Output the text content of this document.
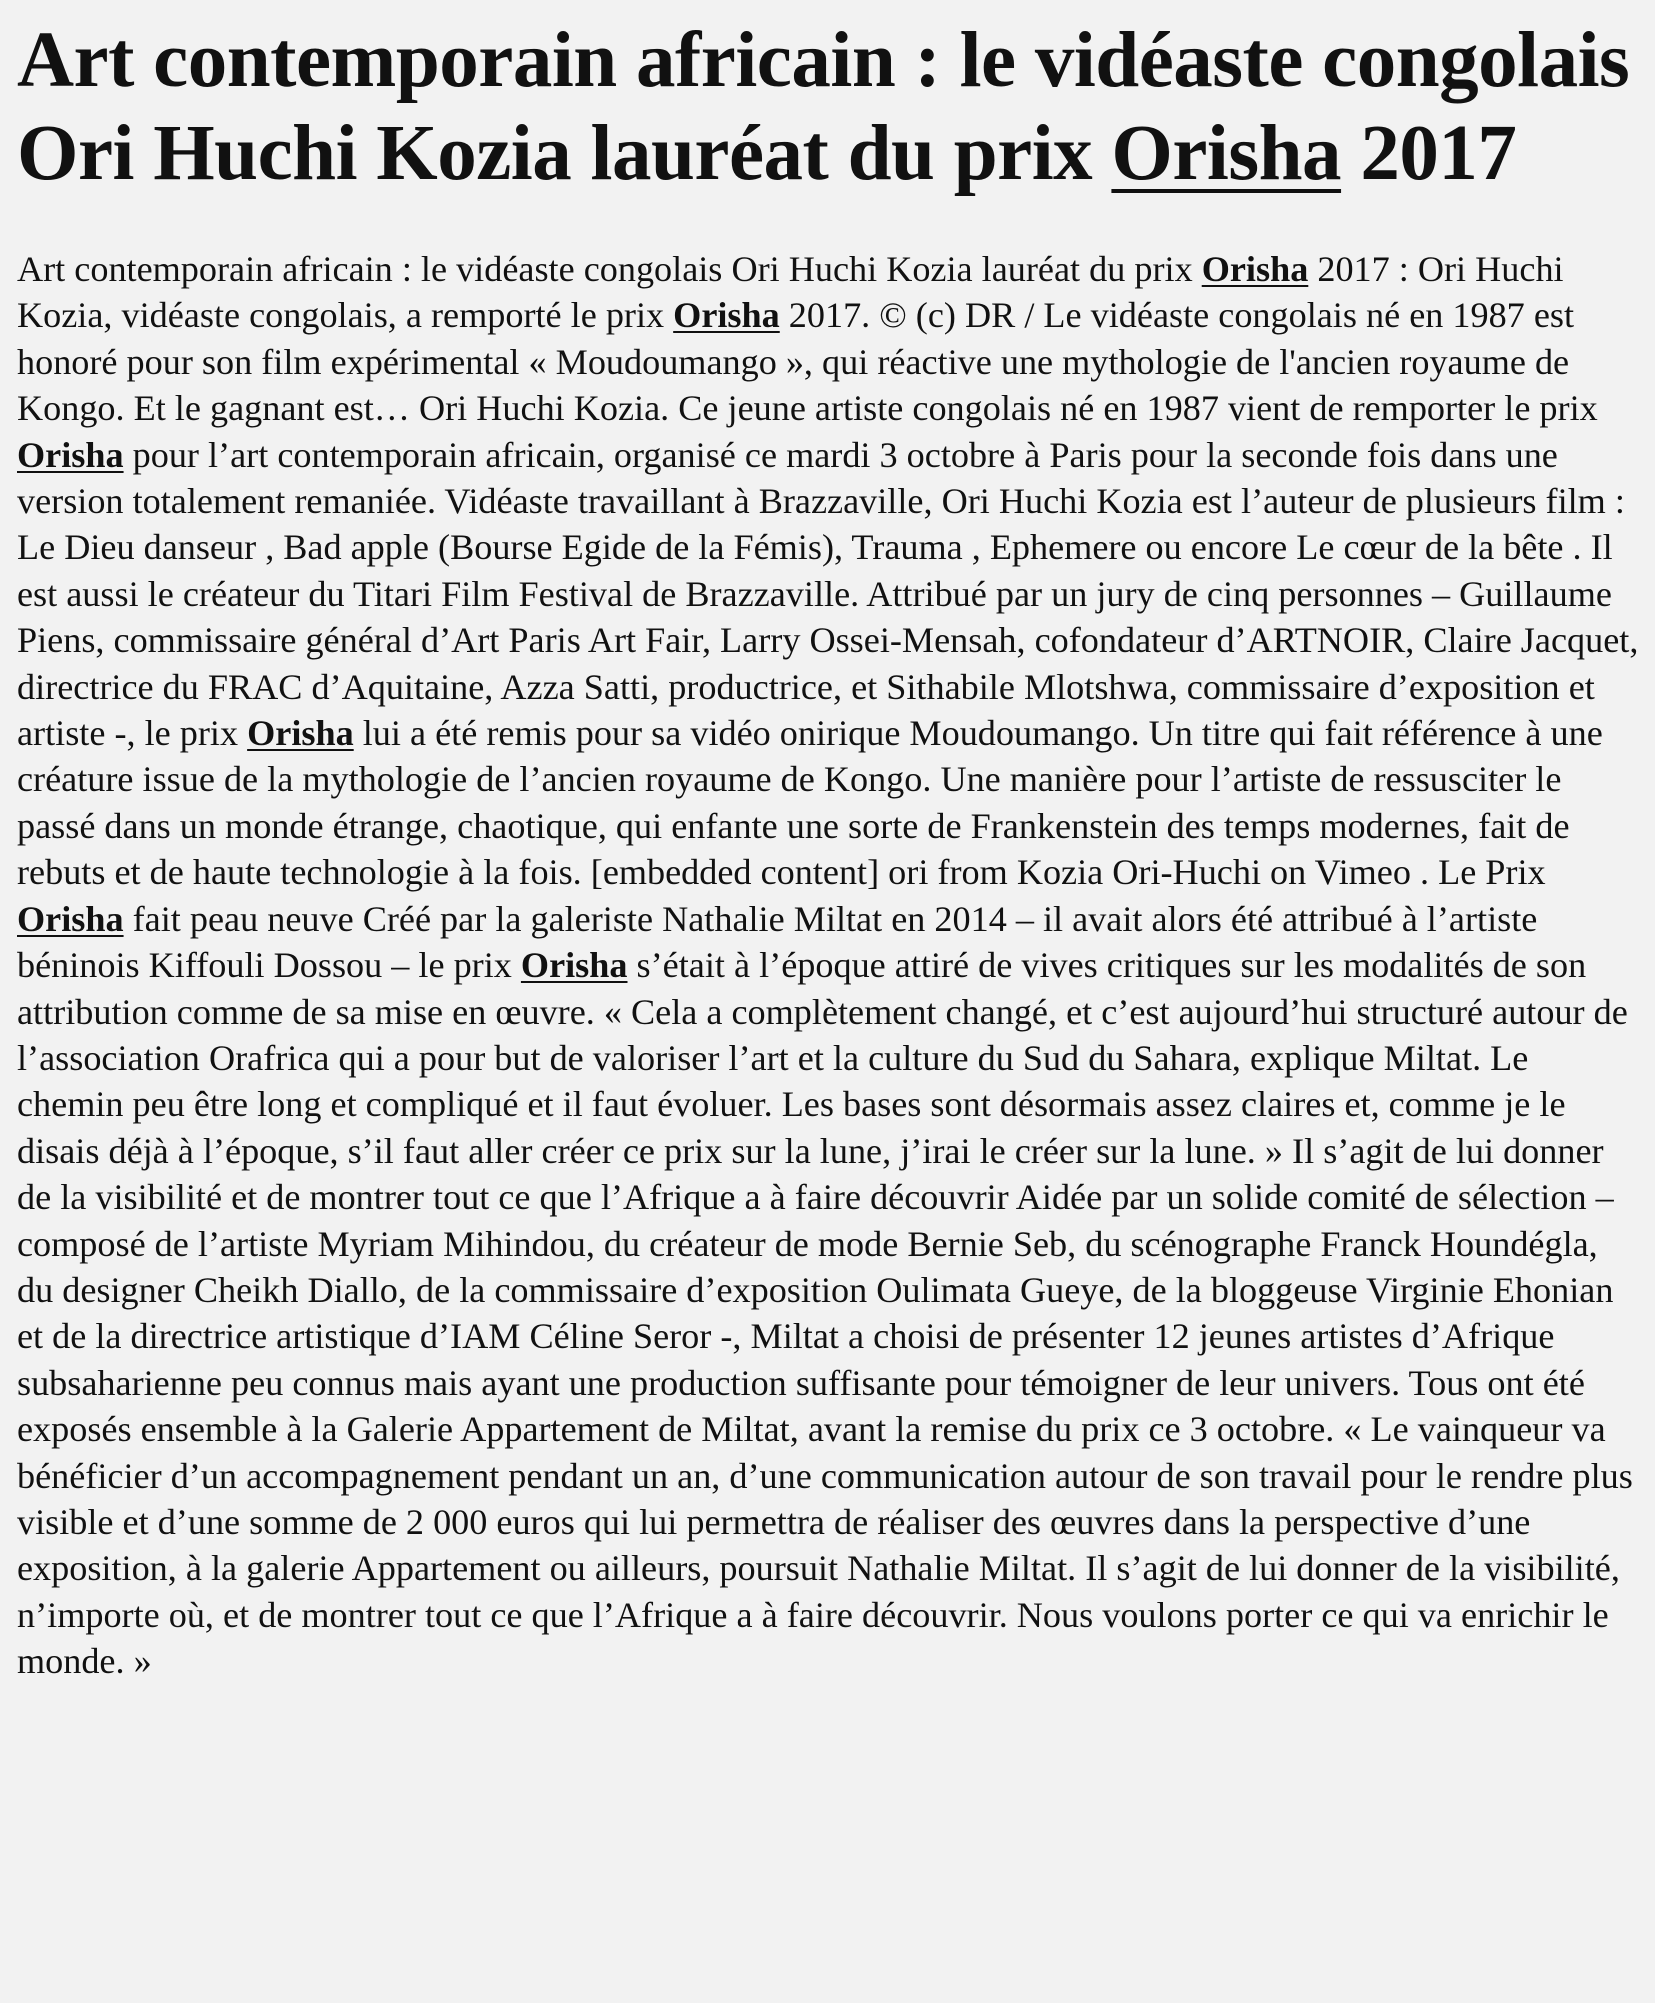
Art contemporain africain : le vidéaste congolais Ori Huchi Kozia lauréat du prix Orisha 2017

Art contemporain africain : le vidéaste congolais Ori Huchi Kozia lauréat du prix Orisha 2017 : Ori Huchi Kozia, vidéaste congolais, a remporté le prix Orisha 2017. © (c) DR / Le vidéaste congolais né en 1987 est honoré pour son film expérimental « Moudoumango », qui réactive une mythologie de l'ancien royaume de Kongo. Et le gagnant est… Ori Huchi Kozia. Ce jeune artiste congolais né en 1987 vient de remporter le prix Orisha pour l’art contemporain africain, organisé ce mardi 3 octobre à Paris pour la seconde fois dans une version totalement remaniée. Vidéaste travaillant à Brazzaville, Ori Huchi Kozia est l’auteur de plusieurs film : Le Dieu danseur , Bad apple (Bourse Egide de la Fémis), Trauma , Ephemere ou encore Le cœur de la bête . Il est aussi le créateur du Titari Film Festival de Brazzaville. Attribué par un jury de cinq personnes – Guillaume Piens, commissaire général d’Art Paris Art Fair, Larry Ossei-Mensah, cofondateur d’ARTNOIR, Claire Jacquet, directrice du FRAC d’Aquitaine, Azza Satti, productrice, et Sithabile Mlotshwa, commissaire d’exposition et artiste -, le prix Orisha lui a été remis pour sa vidéo onirique Moudoumango. Un titre qui fait référence à une créature issue de la mythologie de l’ancien royaume de Kongo. Une manière pour l’artiste de ressusciter le passé dans un monde étrange, chaotique, qui enfante une sorte de Frankenstein des temps modernes, fait de rebuts et de haute technologie à la fois. [embedded content] ori from Kozia Ori-Huchi on Vimeo . Le Prix Orisha fait peau neuve Créé par la galeriste Nathalie Miltat en 2014 – il avait alors été attribué à l’artiste béninois Kiffouli Dossou – le prix Orisha s’était à l’époque attiré de vives critiques sur les modalités de son attribution comme de sa mise en œuvre. « Cela a complètement changé, et c’est aujourd’hui structuré autour de l’association Orafrica qui a pour but de valoriser l’art et la culture du Sud du Sahara, explique Miltat. Le chemin peu être long et compliqué et il faut évoluer. Les bases sont désormais assez claires et, comme je le disais déjà à l’époque, s’il faut aller créer ce prix sur la lune, j’irai le créer sur la lune. » Il s’agit de lui donner de la visibilité et de montrer tout ce que l’Afrique a à faire découvrir Aidée par un solide comité de sélection – composé de l’artiste Myriam Mihindou, du créateur de mode Bernie Seb, du scénographe Franck Houndégla, du designer Cheikh Diallo, de la commissaire d’exposition Oulimata Gueye, de la bloggeuse Virginie Ehonian et de la directrice artistique d’IAM Céline Seror -, Miltat a choisi de présenter 12 jeunes artistes d’Afrique subsaharienne peu connus mais ayant une production suffisante pour témoigner de leur univers. Tous ont été exposés ensemble à la Galerie Appartement de Miltat, avant la remise du prix ce 3 octobre. « Le vainqueur va bénéficier d’un accompagnement pendant un an, d’une communication autour de son travail pour le rendre plus visible et d’une somme de 2 000 euros qui lui permettra de réaliser des œuvres dans la perspective d’une exposition, à la galerie Appartement ou ailleurs, poursuit Nathalie Miltat. Il s’agit de lui donner de la visibilité, n’importe où, et de montrer tout ce que l’Afrique a à faire découvrir. Nous voulons porter ce qui va enrichir le monde. »
